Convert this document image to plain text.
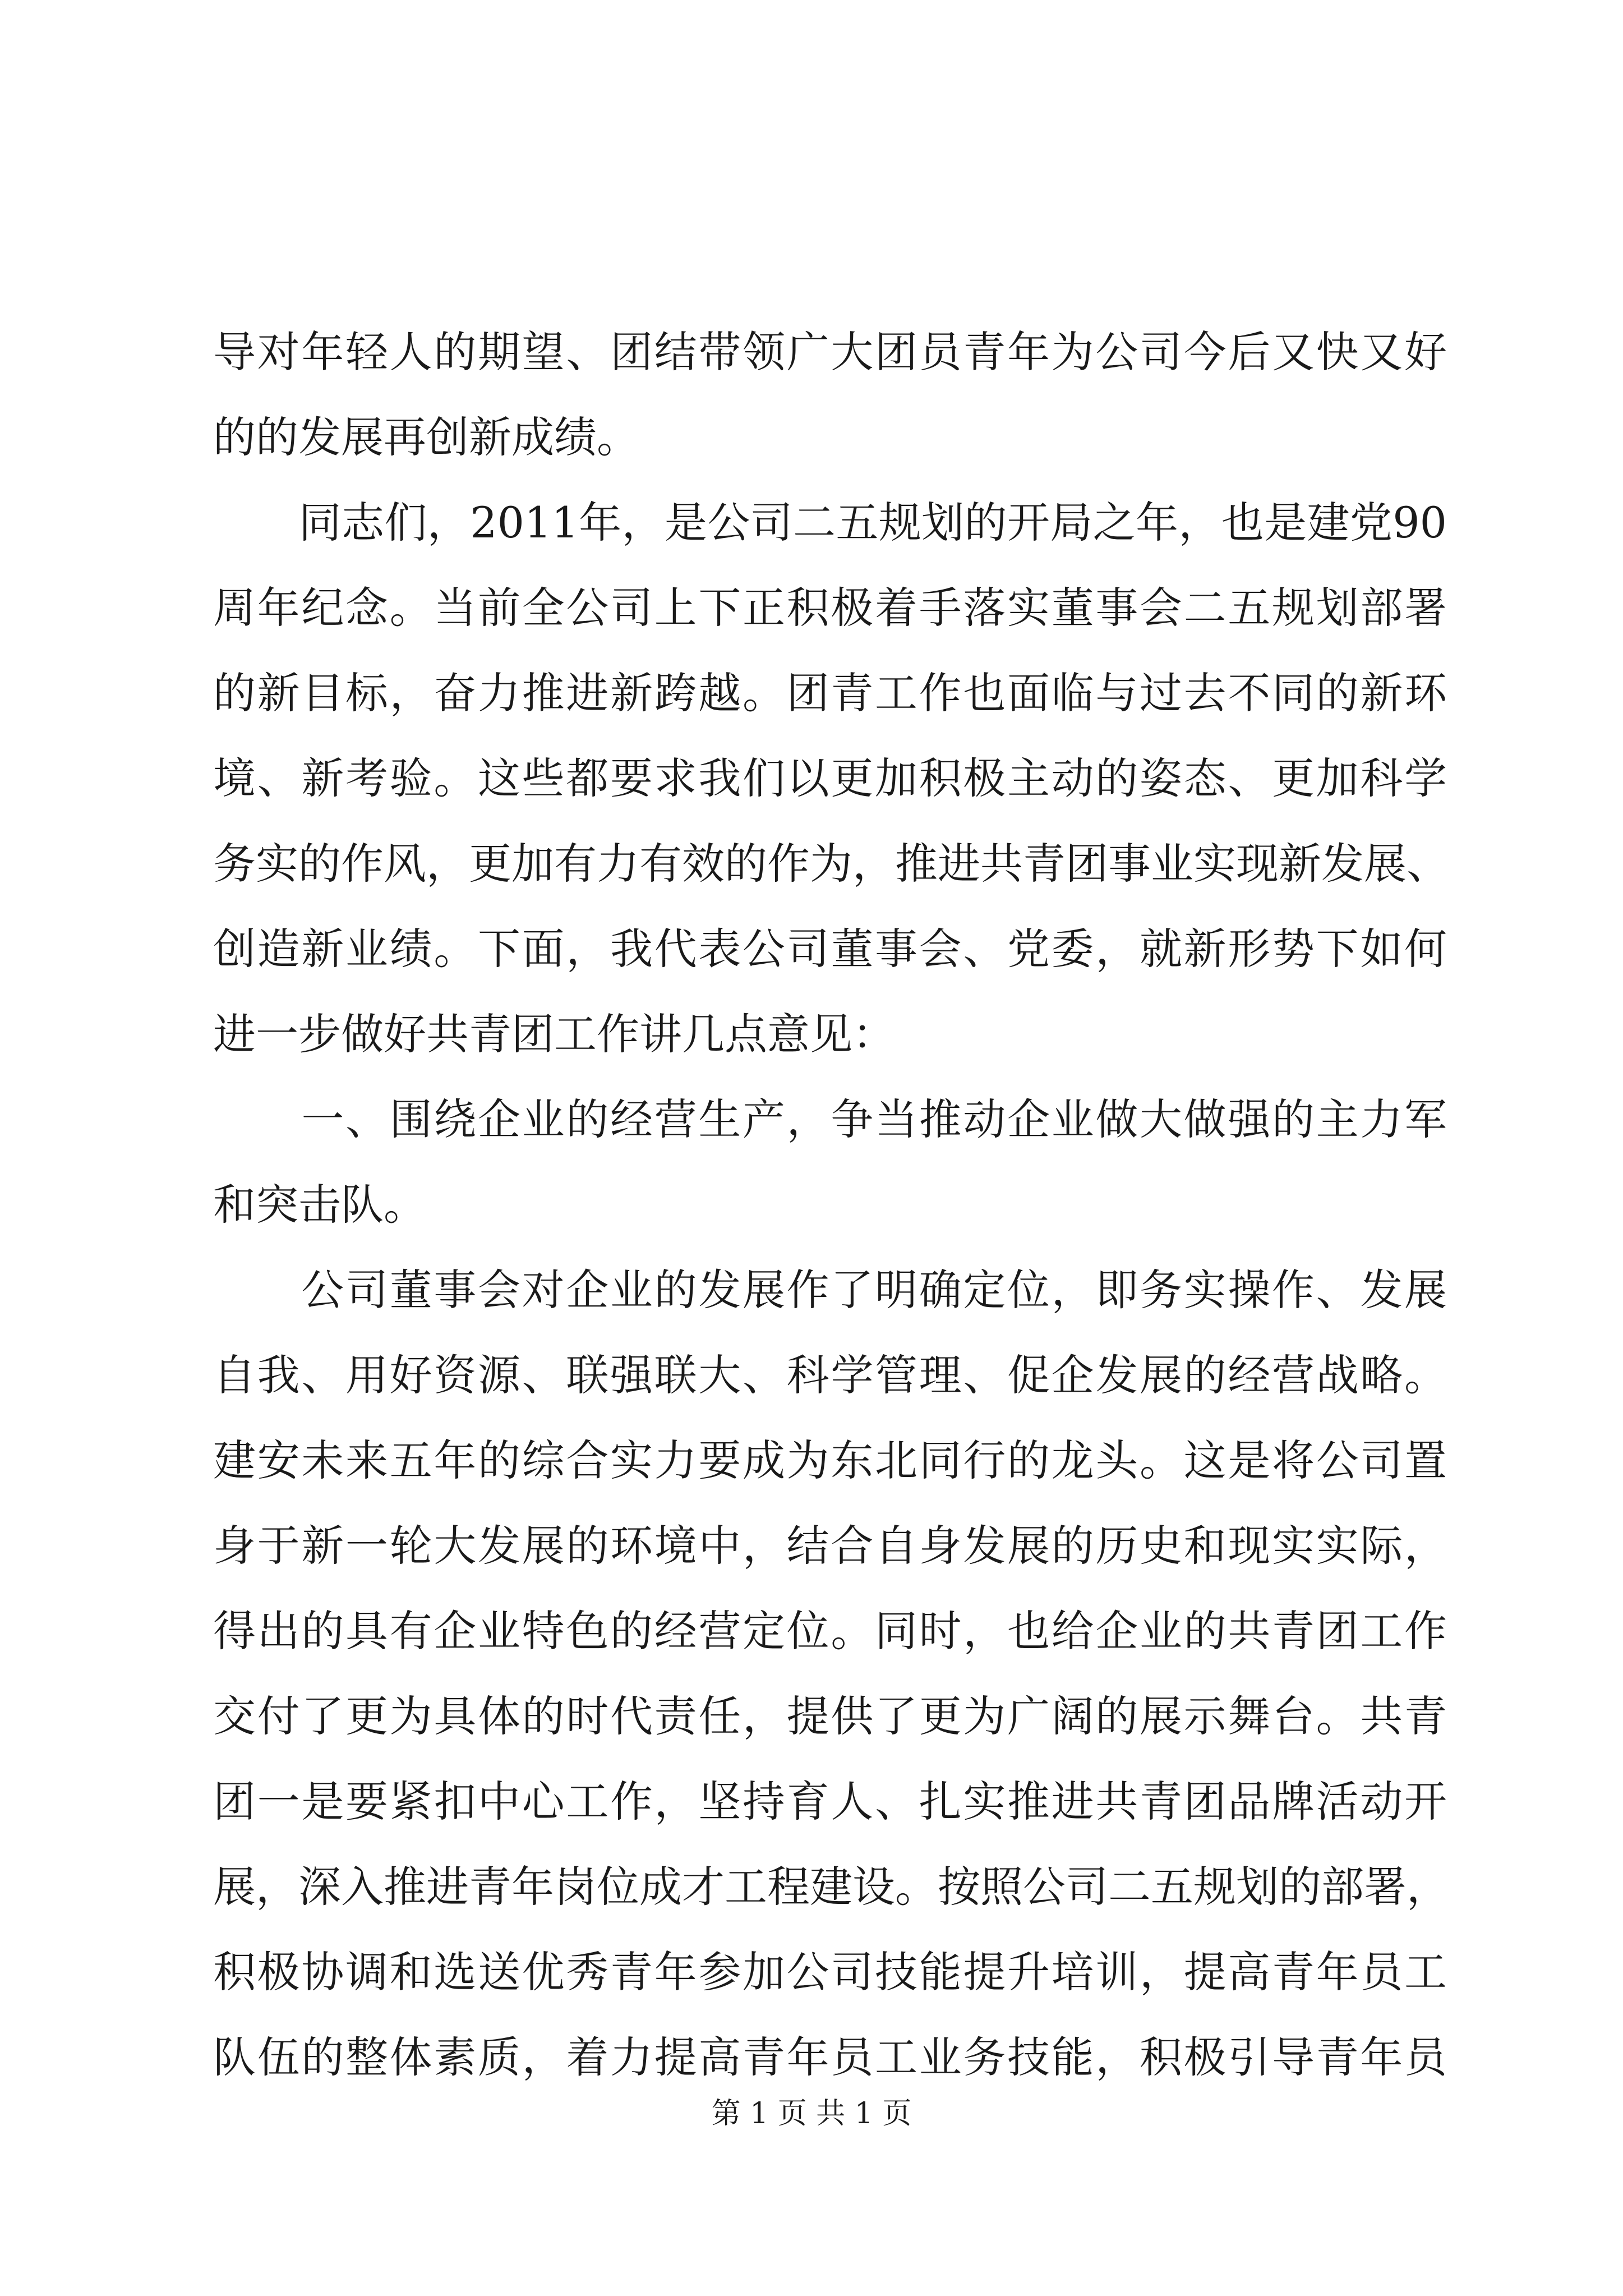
导对年轻人的期望、团结带领广大团员青年为公司今后又快又好
的的发展再创新成绩。
　　同志们，2011年，是公司二五规划的开局之年，也是建党90
周年纪念。当前全公司上下正积极着手落实董事会二五规划部署
的新目标，奋力推进新跨越。团青工作也面临与过去不同的新环
境、新考验。这些都要求我们以更加积极主动的姿态、更加科学
务实的作风，更加有力有效的作为，推进共青团事业实现新发展、
创造新业绩。下面，我代表公司董事会、党委，就新形势下如何
进一步做好共青团工作讲几点意见：
　　一、围绕企业的经营生产，争当推动企业做大做强的主力军
和突击队。
　　公司董事会对企业的发展作了明确定位，即务实操作、发展
自我、用好资源、联强联大、科学管理、促企发展的经营战略。
建安未来五年的综合实力要成为东北同行的龙头。这是将公司置
身于新一轮大发展的环境中，结合自身发展的历史和现实实际，
得出的具有企业特色的经营定位。同时，也给企业的共青团工作
交付了更为具体的时代责任，提供了更为广阔的展示舞台。共青
团一是要紧扣中心工作，坚持育人、扎实推进共青团品牌活动开
展，深入推进青年岗位成才工程建设。按照公司二五规划的部署，
积极协调和选送优秀青年参加公司技能提升培训，提高青年员工
队伍的整体素质，着力提高青年员工业务技能，积极引导青年员
第 1 页 共 1 页
